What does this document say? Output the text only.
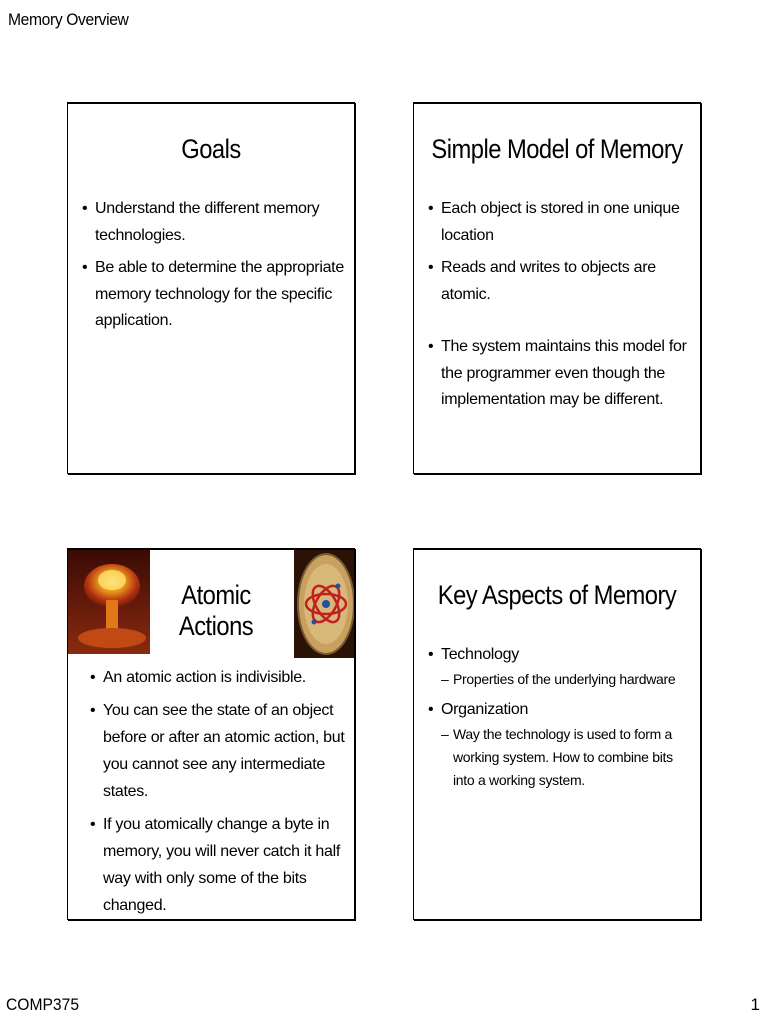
Memory Overview
Goals
• Understand the different memory technologies.
• Be able to determine the appropriate memory technology for the specific application.
Simple Model of Memory
• Each object is stored in one unique location
• Reads and writes to objects are atomic.
• The system maintains this model for the programmer even though the implementation may be different.
Atomic Actions
• An atomic action is indivisible.
• You can see the state of an object before or after an atomic action, but you cannot see any intermediate states.
• If you atomically change a byte in memory, you will never catch it half way with only some of the bits changed.
Key Aspects of Memory
• Technology
– Properties of the underlying hardware
• Organization
– Way the technology is used to form a working system. How to combine bits into a working system.
COMP375	1
